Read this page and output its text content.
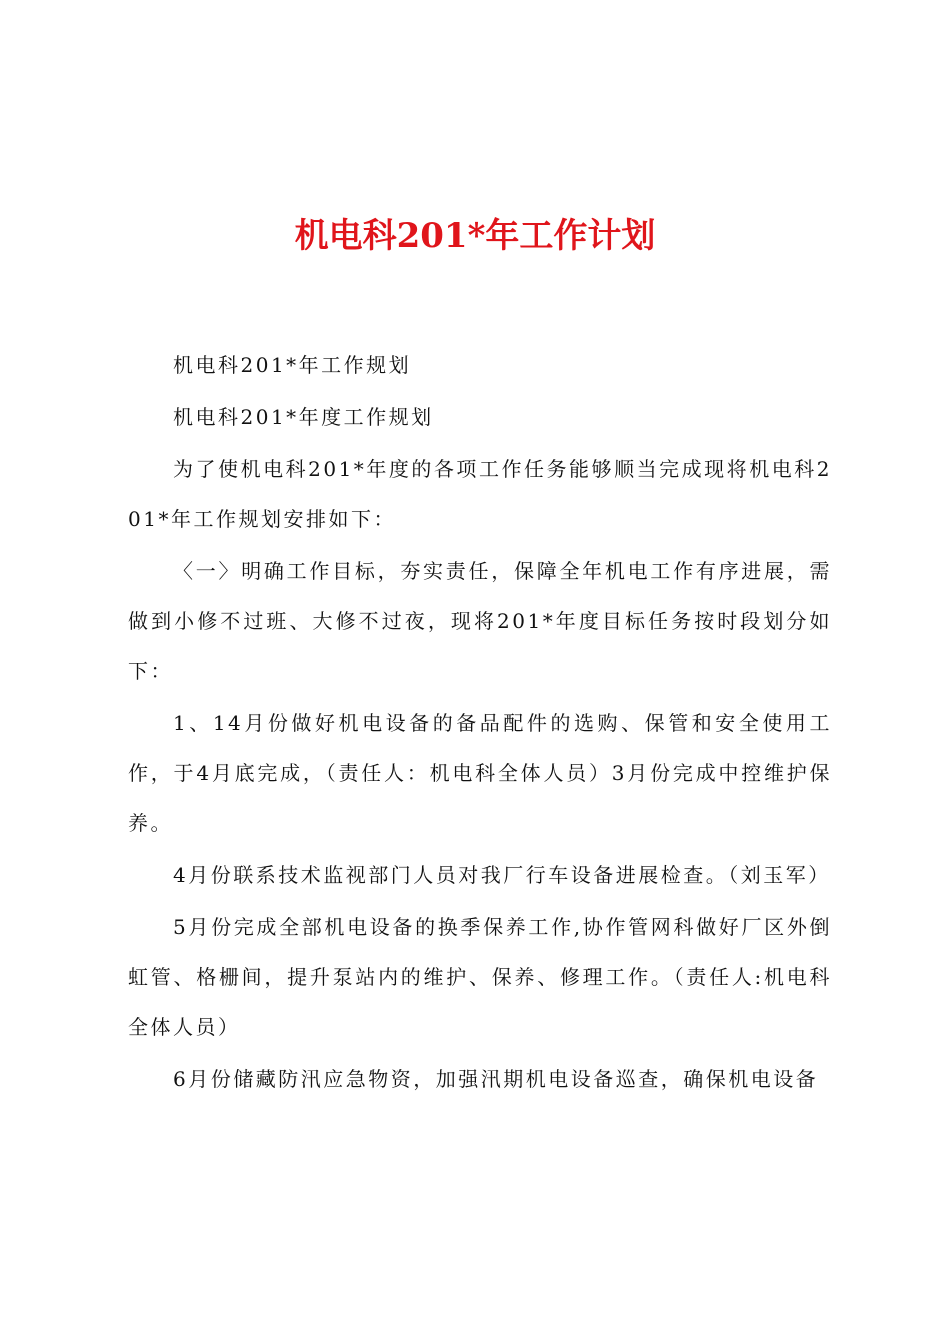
机电科201*年工作计划

机电科201*年工作规划

机电科201*年度工作规划

为了使机电科201*年度的各项工作任务能够顺当完成现将机电科201*年工作规划安排如下：

〈一〉明确工作目标，夯实责任，保障全年机电工作有序进展，需做到小修不过班、大修不过夜，现将201*年度目标任务按时段划分如下：

1、14月份做好机电设备的备品配件的选购、保管和安全使用工作，于4月底完成，（责任人：机电科全体人员）3月份完成中控维护保养。

4月份联系技术监视部门人员对我厂行车设备进展检查。（刘玉军）

5月份完成全部机电设备的换季保养工作,协作管网科做好厂区外倒虹管、格栅间，提升泵站内的维护、保养、修理工作。（责任人:机电科全体人员）

6月份储藏防汛应急物资，加强汛期机电设备巡查，确保机电设备
